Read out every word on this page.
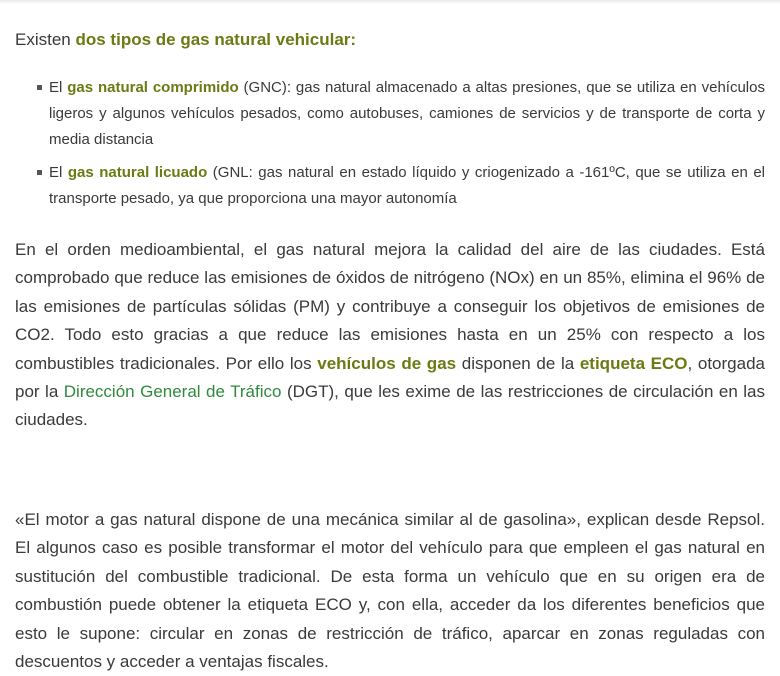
Existen dos tipos de gas natural vehicular:

El gas natural comprimido (GNC): gas natural almacenado a altas presiones, que se utiliza en vehículos ligeros y algunos vehículos pesados, como autobuses, camiones de servicios y de transporte de corta y media distancia
El gas natural licuado (GNL: gas natural en estado líquido y criogenizado a -161ºC, que se utiliza en el transporte pesado, ya que proporciona una mayor autonomía

En el orden medioambiental, el gas natural mejora la calidad del aire de las ciudades. Está comprobado que reduce las emisiones de óxidos de nitrógeno (NOx) en un 85%, elimina el 96% de las emisiones de partículas sólidas (PM) y contribuye a conseguir los objetivos de emisiones de CO2. Todo esto gracias a que reduce las emisiones hasta en un 25% con respecto a los combustibles tradicionales. Por ello los vehículos de gas disponen de la etiqueta ECO, otorgada por la Dirección General de Tráfico (DGT), que les exime de las restricciones de circulación en las ciudades.

«El motor a gas natural dispone de una mecánica similar al de gasolina», explican desde Repsol. El algunos caso es posible transformar el motor del vehículo para que empleen el gas natural en sustitución del combustible tradicional. De esta forma un vehículo que en su origen era de combustión puede obtener la etiqueta ECO y, con ella, acceder da los diferentes beneficios que esto le supone: circular en zonas de restricción de tráfico, aparcar en zonas reguladas con descuentos y acceder a ventajas fiscales.
